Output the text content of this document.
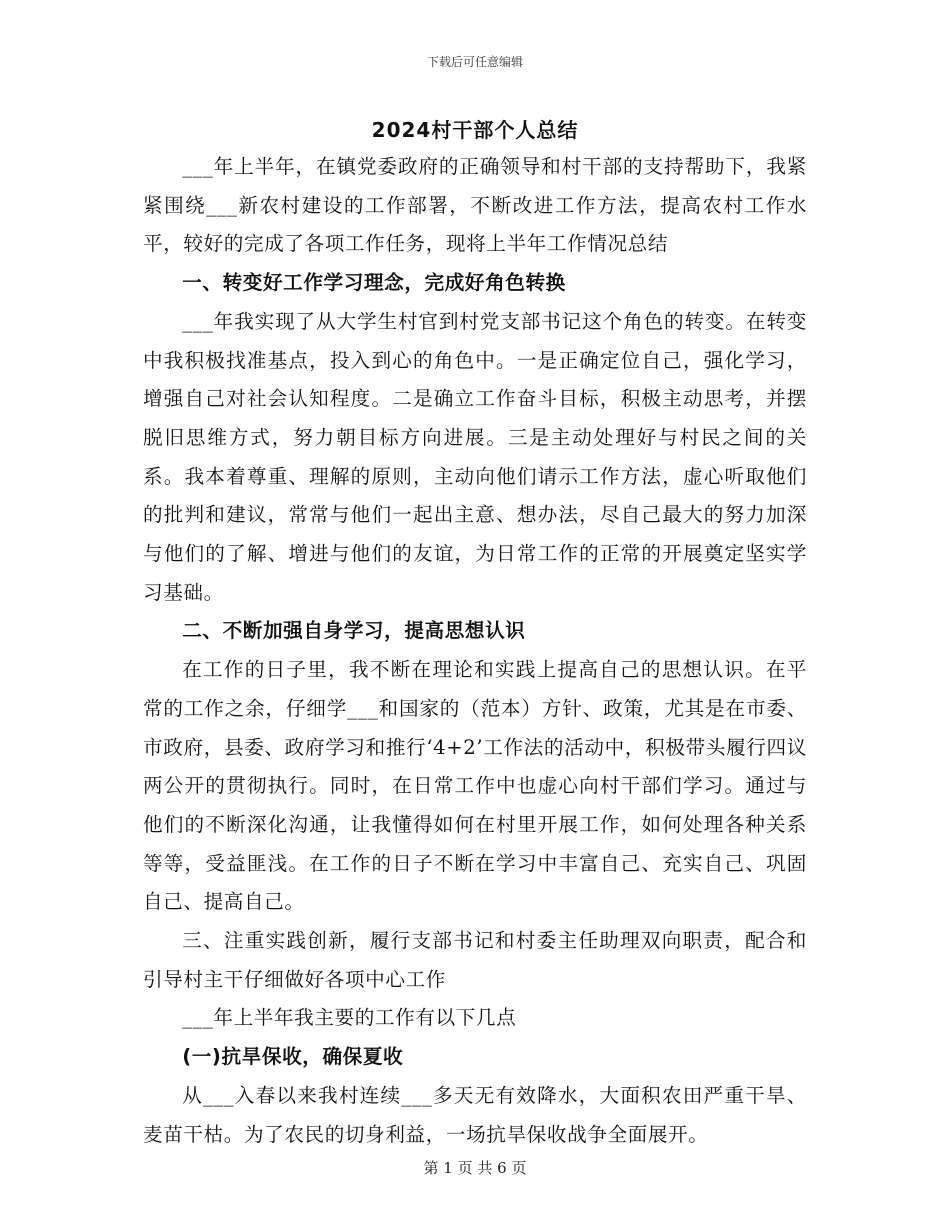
下载后可任意编辑
2024村干部个人总结

___年上半年，在镇党委政府的正确领导和村干部的支持帮助下，我紧紧围绕___新农村建设的工作部署，不断改进工作方法，提高农村工作水平，较好的完成了各项工作任务，现将上半年工作情况总结

一、转变好工作学习理念，完成好角色转换

___年我实现了从大学生村官到村党支部书记这个角色的转变。在转变中我积极找准基点，投入到心的角色中。一是正确定位自己，强化学习，增强自己对社会认知程度。二是确立工作奋斗目标，积极主动思考，并摆脱旧思维方式，努力朝目标方向进展。三是主动处理好与村民之间的关系。我本着尊重、理解的原则，主动向他们请示工作方法，虚心听取他们的批判和建议，常常与他们一起出主意、想办法，尽自己最大的努力加深与他们的了解、增进与他们的友谊，为日常工作的正常的开展奠定坚实学习基础。

二、不断加强自身学习，提高思想认识

在工作的日子里，我不断在理论和实践上提高自己的思想认识。在平常的工作之余，仔细学___和国家的（范本）方针、政策，尤其是在市委、市政府，县委、政府学习和推行‘4+2’工作法的活动中，积极带头履行四议两公开的贯彻执行。同时，在日常工作中也虚心向村干部们学习。通过与他们的不断深化沟通，让我懂得如何在村里开展工作，如何处理各种关系等等，受益匪浅。在工作的日子不断在学习中丰富自己、充实自己、巩固自己、提高自己。

三、注重实践创新，履行支部书记和村委主任助理双向职责，配合和引导村主干仔细做好各项中心工作

___年上半年我主要的工作有以下几点

(一)抗旱保收，确保夏收

从___入春以来我村连续___多天无有效降水，大面积农田严重干旱、麦苗干枯。为了农民的切身利益，一场抗旱保收战争全面展开。

第 1 页 共 6 页
